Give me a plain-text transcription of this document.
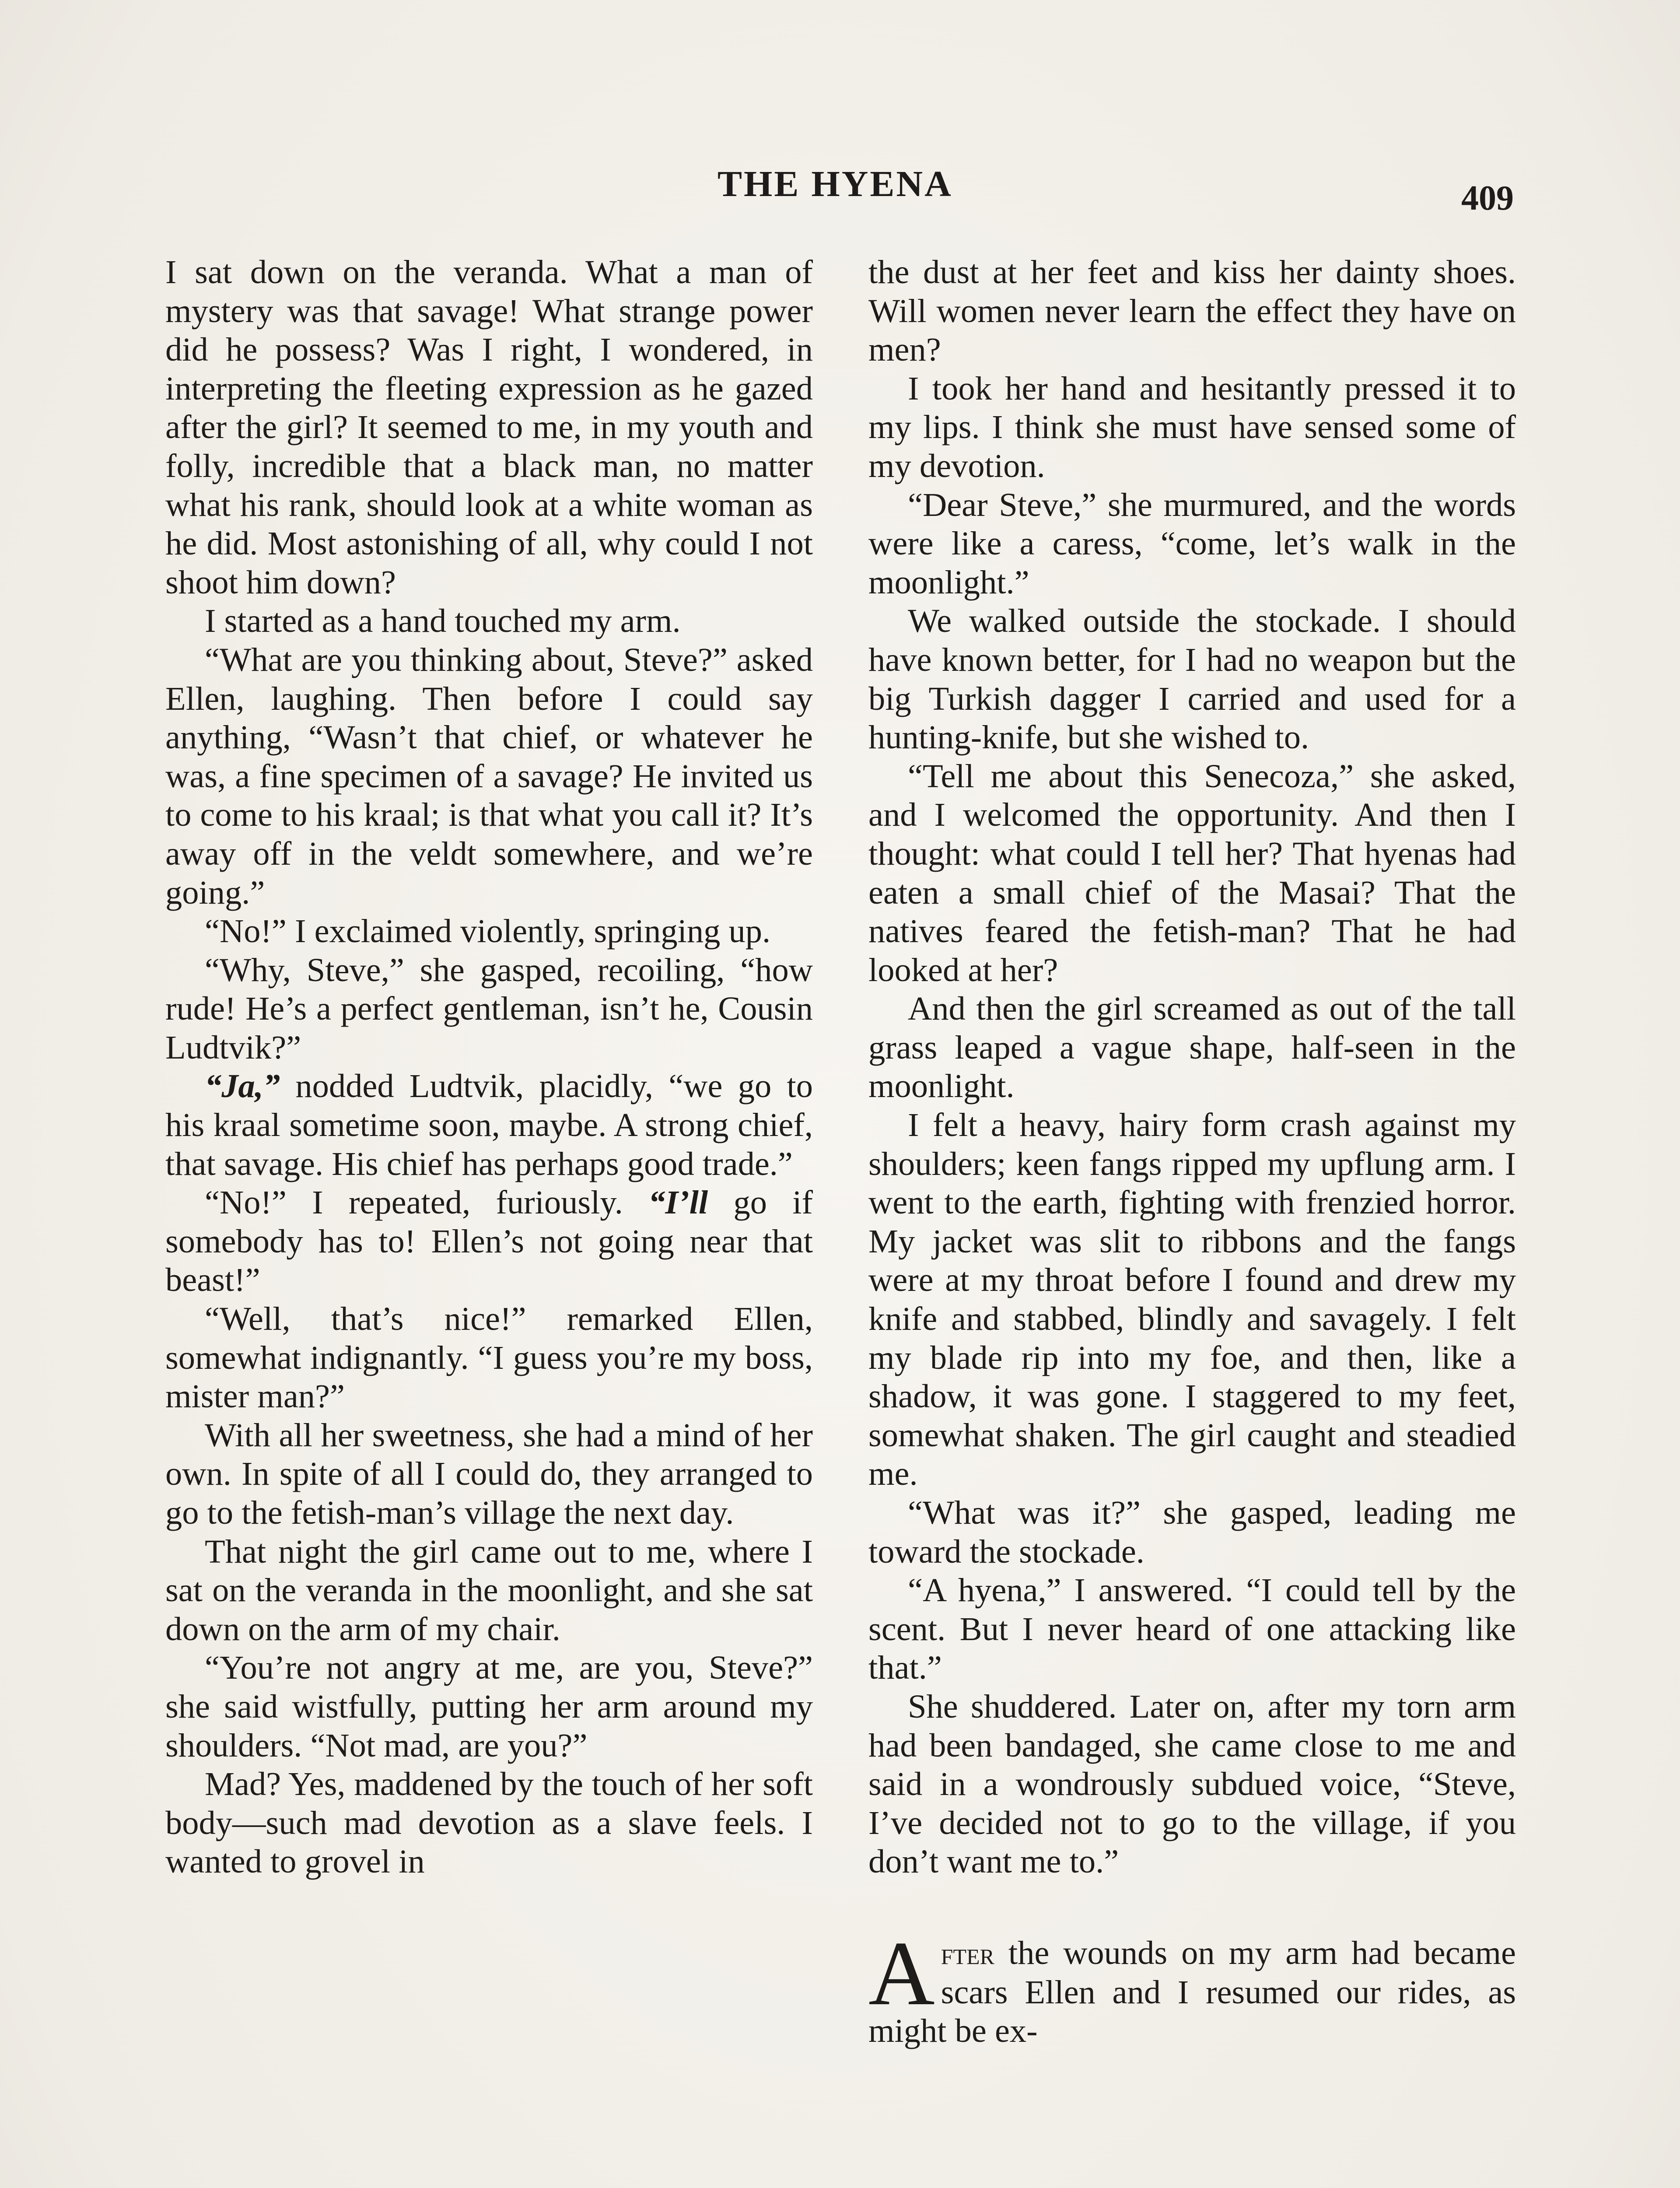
THE HYENA	409

I sat down on the veranda. What a man of mystery was that savage! What strange power did he possess? Was I right, I wondered, in interpreting the fleeting expression as he gazed after the girl? It seemed to me, in my youth and folly, incredible that a black man, no matter what his rank, should look at a white woman as he did. Most astonishing of all, why could I not shoot him down?

I started as a hand touched my arm.

“What are you thinking about, Steve?” asked Ellen, laughing. Then before I could say anything, “Wasn’t that chief, or whatever he was, a fine specimen of a savage? He invited us to come to his kraal; is that what you call it? It’s away off in the veldt somewhere, and we’re going.”

“No!” I exclaimed violently, springing up.

“Why, Steve,” she gasped, recoiling, “how rude! He’s a perfect gentleman, isn’t he, Cousin Ludtvik?”

“Ja,” nodded Ludtvik, placidly, “we go to his kraal sometime soon, maybe. A strong chief, that savage. His chief has perhaps good trade.”

“No!” I repeated, furiously. “I’ll go if somebody has to! Ellen’s not going near that beast!”

“Well, that’s nice!” remarked Ellen, somewhat indignantly. “I guess you’re my boss, mister man?”

With all her sweetness, she had a mind of her own. In spite of all I could do, they arranged to go to the fetish-man’s village the next day.

That night the girl came out to me, where I sat on the veranda in the moonlight, and she sat down on the arm of my chair.

“You’re not angry at me, are you, Steve?” she said wistfully, putting her arm around my shoulders. “Not mad, are you?”

Mad? Yes, maddened by the touch of her soft body—such mad devotion as a slave feels. I wanted to grovel in

the dust at her feet and kiss her dainty shoes. Will women never learn the effect they have on men?

I took her hand and hesitantly pressed it to my lips. I think she must have sensed some of my devotion.

“Dear Steve,” she murmured, and the words were like a caress, “come, let’s walk in the moonlight.”

We walked outside the stockade. I should have known better, for I had no weapon but the big Turkish dagger I carried and used for a hunting-knife, but she wished to.

“Tell me about this Senecoza,” she asked, and I welcomed the opportunity. And then I thought: what could I tell her? That hyenas had eaten a small chief of the Masai? That the natives feared the fetish-man? That he had looked at her?

And then the girl screamed as out of the tall grass leaped a vague shape, half-seen in the moonlight.

I felt a heavy, hairy form crash against my shoulders; keen fangs ripped my upflung arm. I went to the earth, fighting with frenzied horror. My jacket was slit to ribbons and the fangs were at my throat before I found and drew my knife and stabbed, blindly and savagely. I felt my blade rip into my foe, and then, like a shadow, it was gone. I staggered to my feet, somewhat shaken. The girl caught and steadied me.

“What was it?” she gasped, leading me toward the stockade.

“A hyena,” I answered. “I could tell by the scent. But I never heard of one attacking like that.”

She shuddered. Later on, after my torn arm had been bandaged, she came close to me and said in a wondrously subdued voice, “Steve, I’ve decided not to go to the village, if you don’t want me to.”

After the wounds on my arm had became scars Ellen and I resumed our rides, as might be ex-
